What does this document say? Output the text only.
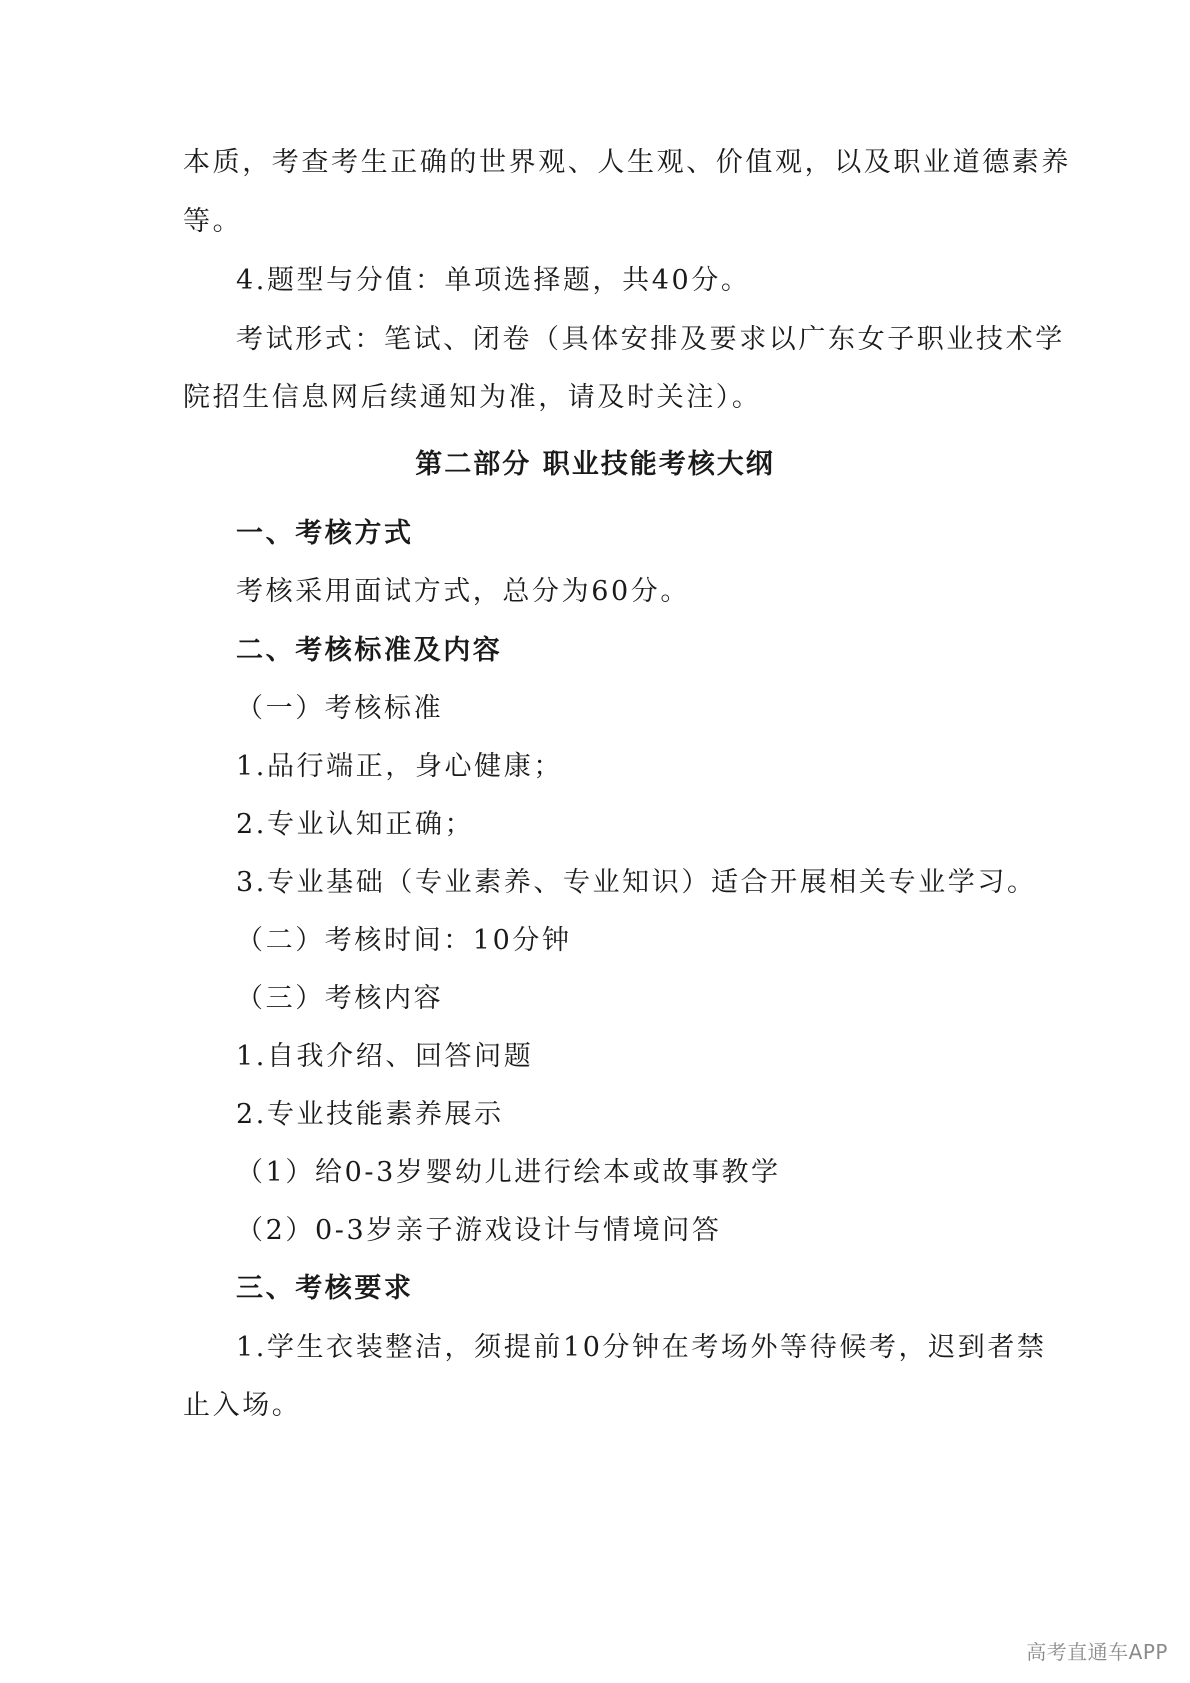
本质，考查考生正确的世界观、人生观、价值观，以及职业道德素养
等。
4.题型与分值：单项选择题，共40分。
考试形式：笔试、闭卷（具体安排及要求以广东女子职业技术学
院招生信息网后续通知为准，请及时关注）。
第二部分 职业技能考核大纲
一、考核方式
考核采用面试方式，总分为60分。
二、考核标准及内容
（一）考核标准
1.品行端正，身心健康；
2.专业认知正确；
3.专业基础（专业素养、专业知识）适合开展相关专业学习。
（二）考核时间：10分钟
（三）考核内容
1.自我介绍、回答问题
2.专业技能素养展示
（1）给0-3岁婴幼儿进行绘本或故事教学
（2）0-3岁亲子游戏设计与情境问答
三、考核要求
1.学生衣装整洁，须提前10分钟在考场外等待候考，迟到者禁
止入场。
高考直通车APP
